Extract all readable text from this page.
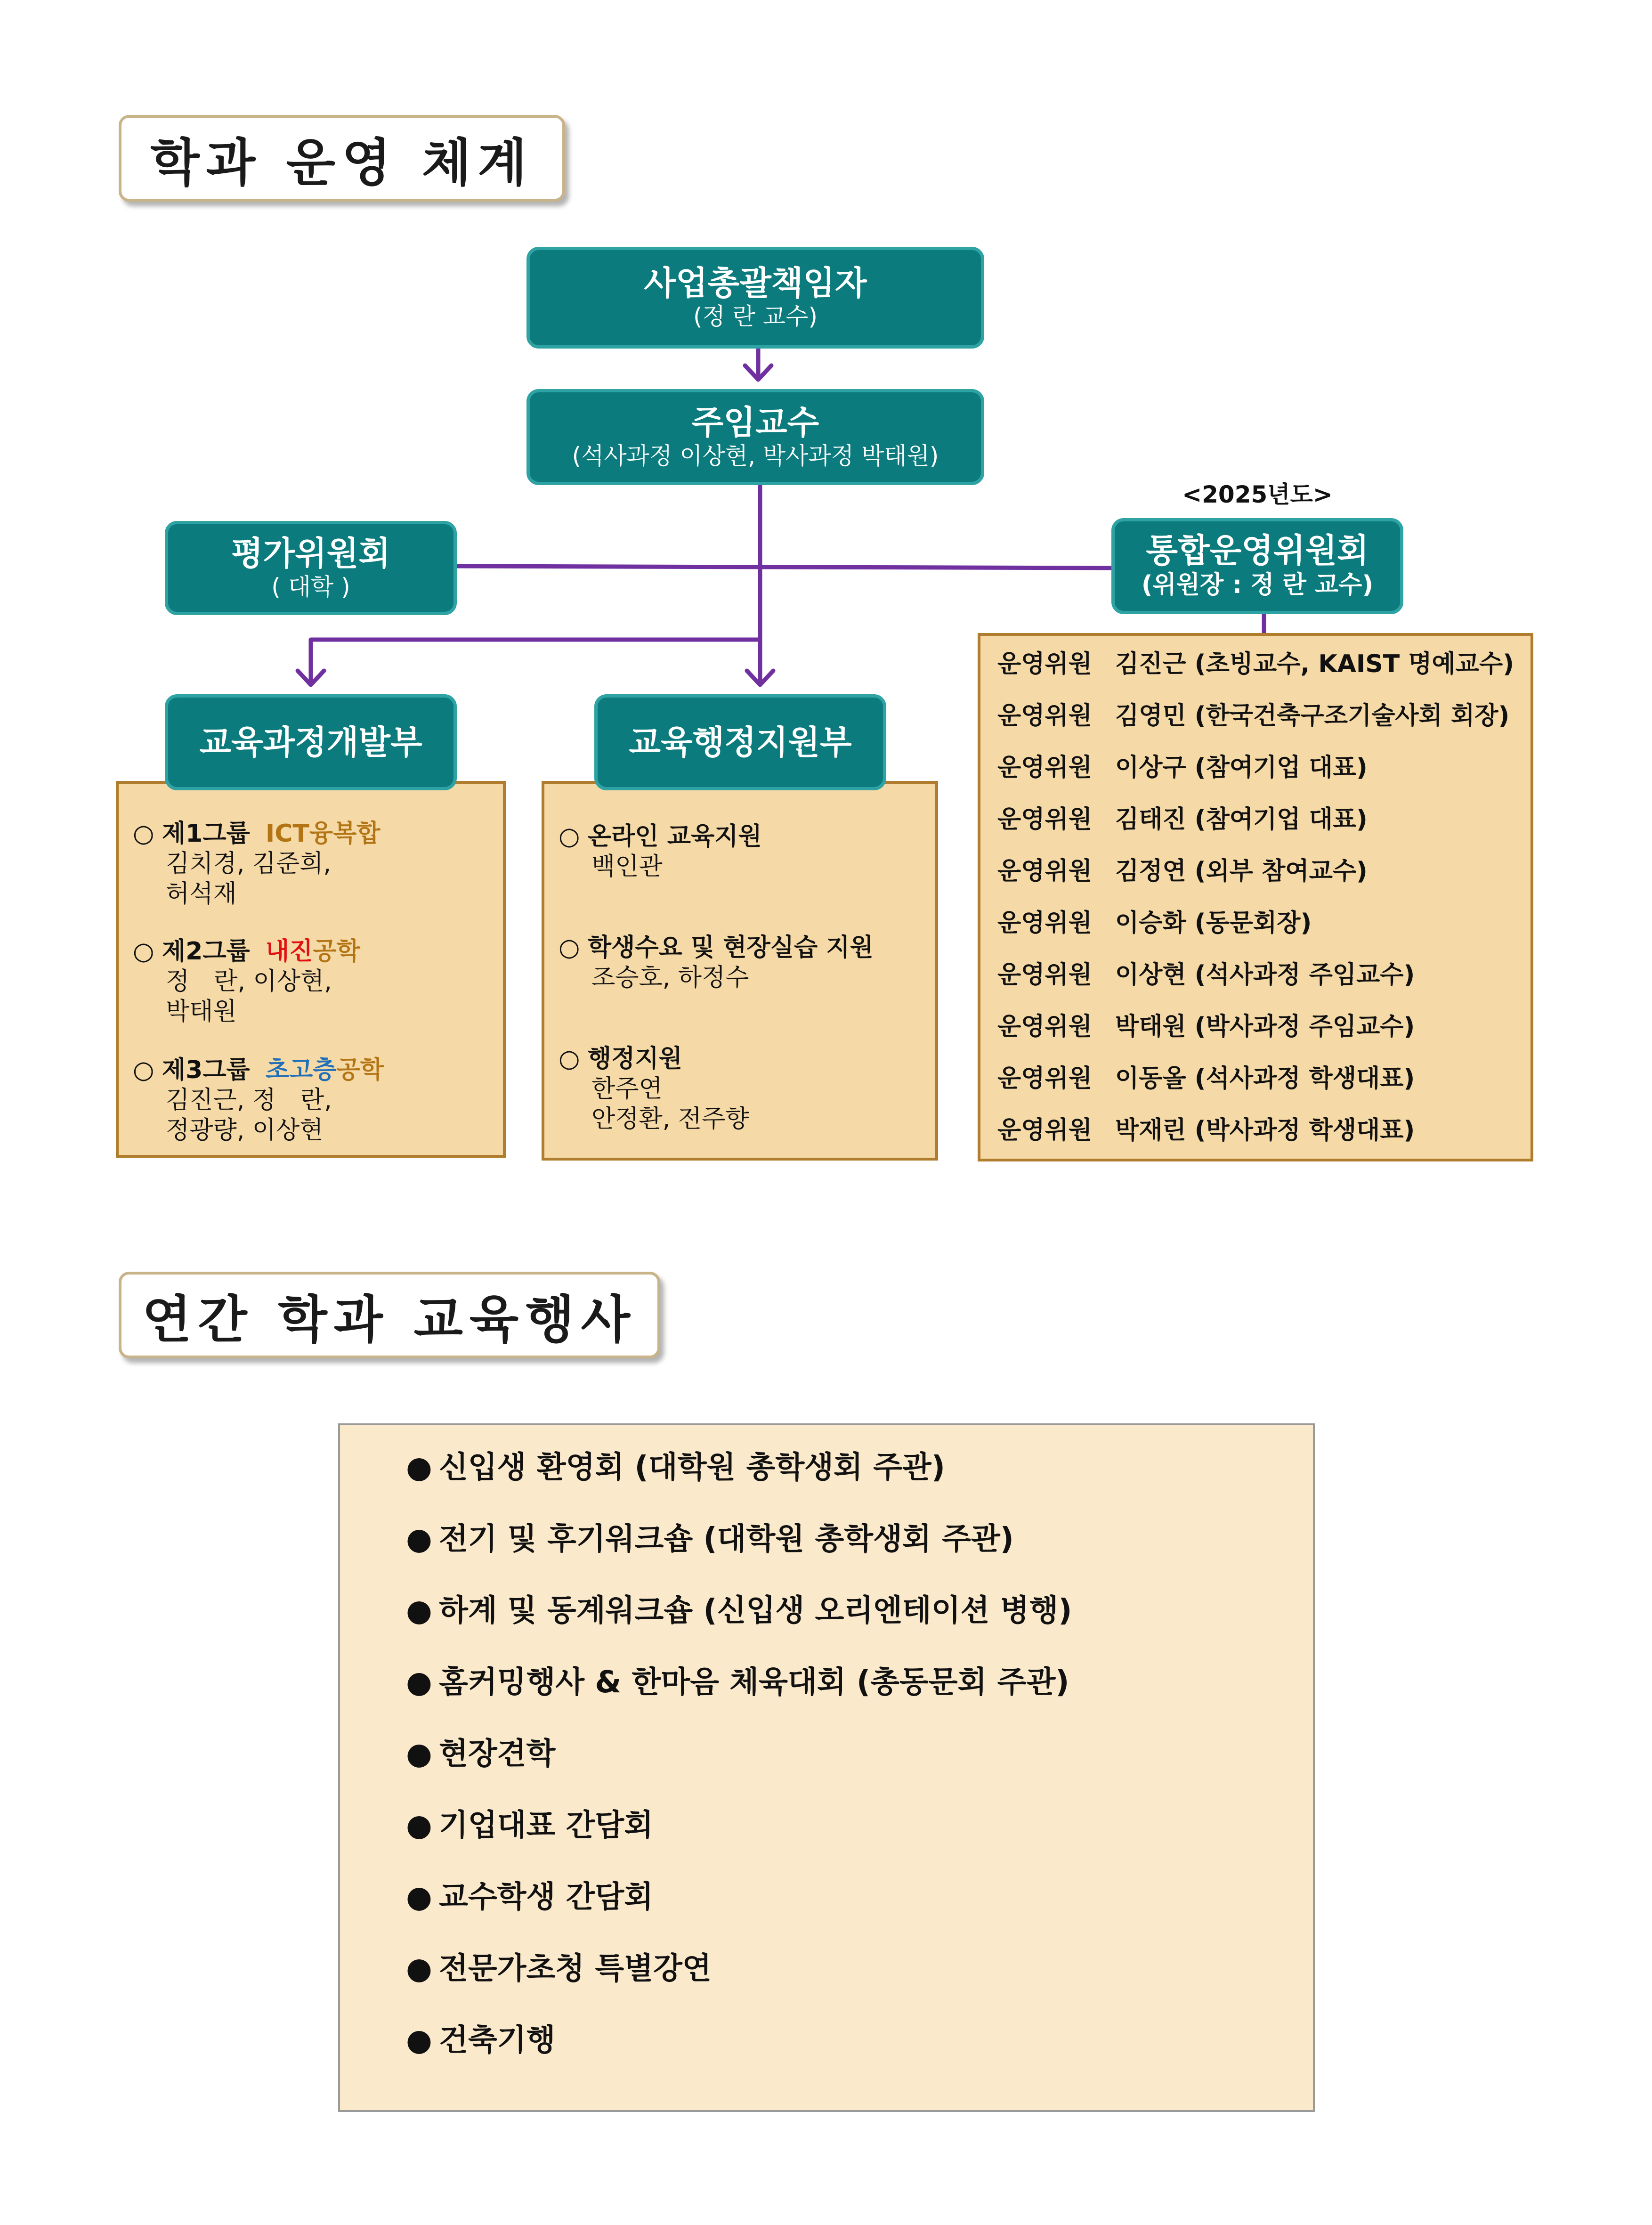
학과 운영 체계
사업총괄책임자
(정 란 교수)
주임교수
(석사과정 이상현, 박사과정 박태원)
평가위원회
( 대학 )
<2025년도>
통합운영위원회
(위원장 : 정 란 교수)
○ 제1그룹 ICT융복합
김치경, 김준희,
허석재
○ 제2그룹 내진공학
정　란, 이상현,
박태원
○ 제3그룹 초고층공학
김진근, 정　란,
정광량, 이상현
교육과정개발부
○ 온라인 교육지원
백인관
○ 학생수요 및 현장실습 지원
조승호, 하정수
○ 행정지원
한주연
안정환, 전주향
교육행정지원부
운영위원 김진근 (초빙교수, KAIST 명예교수)
운영위원 김영민 (한국건축구조기술사회 회장)
운영위원 이상구 (참여기업 대표)
운영위원 김태진 (참여기업 대표)
운영위원 김정연 (외부 참여교수)
운영위원 이승화 (동문회장)
운영위원 이상현 (석사과정 주임교수)
운영위원 박태원 (박사과정 주임교수)
운영위원 이동올 (석사과정 학생대표)
운영위원 박재린 (박사과정 학생대표)
연간 학과 교육행사
● 신입생 환영회 (대학원 총학생회 주관)
● 전기 및 후기워크숍 (대학원 총학생회 주관)
● 하계 및 동계워크숍 (신입생 오리엔테이션 병행)
● 홈커밍행사 & 한마음 체육대회 (총동문회 주관)
● 현장견학
● 기업대표 간담회
● 교수학생 간담회
● 전문가초청 특별강연
● 건축기행
